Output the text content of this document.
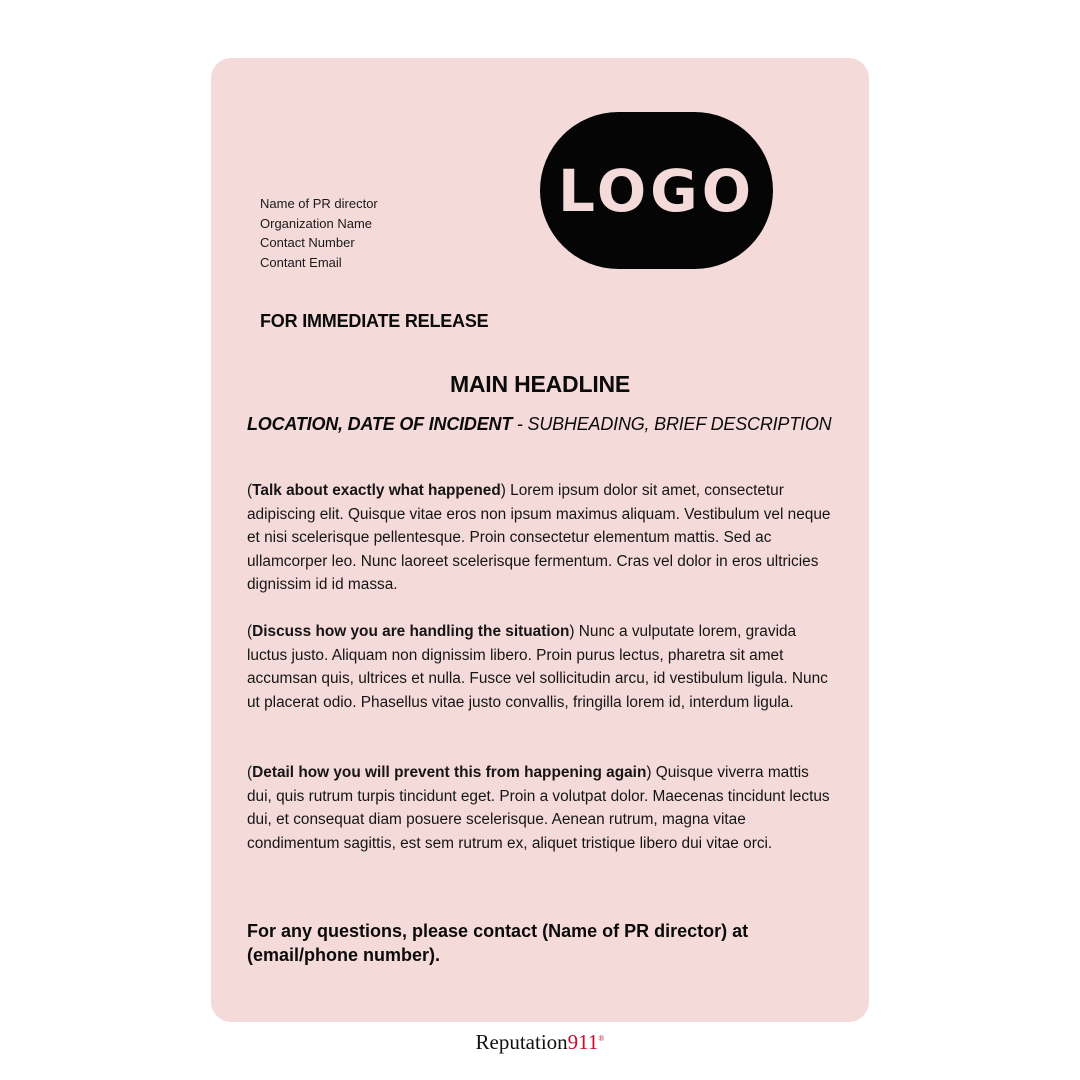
Name of PR director
Organization Name
Contact Number
Contant Email
LOGO
FOR IMMEDIATE RELEASE
MAIN HEADLINE
LOCATION, DATE OF INCIDENT - SUBHEADING, BRIEF DESCRIPTION
(Talk about exactly what happened) Lorem ipsum dolor sit amet, consectetur adipiscing elit. Quisque vitae eros non ipsum maximus aliquam. Vestibulum vel neque et nisi scelerisque pellentesque. Proin consectetur elementum mattis. Sed ac ullamcorper leo. Nunc laoreet scelerisque fermentum. Cras vel dolor in eros ultricies dignissim id id massa.
(Discuss how you are handling the situation) Nunc a vulputate lorem, gravida luctus justo. Aliquam non dignissim libero. Proin purus lectus, pharetra sit amet accumsan quis, ultrices et nulla. Fusce vel sollicitudin arcu, id vestibulum ligula. Nunc ut placerat odio. Phasellus vitae justo convallis, fringilla lorem id, interdum ligula.
(Detail how you will prevent this from happening again) Quisque viverra mattis dui, quis rutrum turpis tincidunt eget. Proin a volutpat dolor. Maecenas tincidunt lectus dui, et consequat diam posuere scelerisque. Aenean rutrum, magna vitae condimentum sagittis, est sem rutrum ex, aliquet tristique libero dui vitae orci.
For any questions, please contact (Name of PR director) at (email/phone number).
Reputation911®
